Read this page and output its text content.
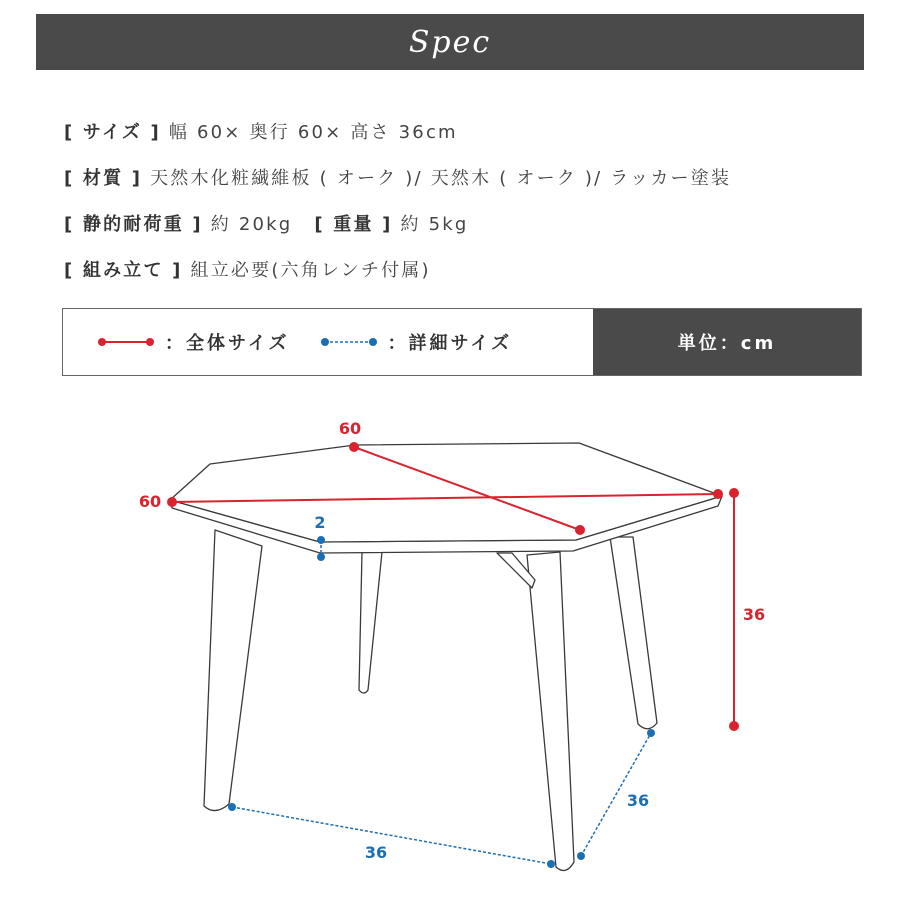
Spec
[ サイズ ]
幅 60× 奥行 60× 高さ 36cm
[ 材質 ]
天然木化粧繊維板 ( オーク )/ 天然木 ( オーク )/ ラッカー塗装
[ 静的耐荷重 ]
約 20kg [ 重量 ]
約 5kg
[ 組み立て ]
組立必要(六角レンチ付属)
：全体サイズ	：詳細サイズ	単位：cm
60
60
2
36
36
36
